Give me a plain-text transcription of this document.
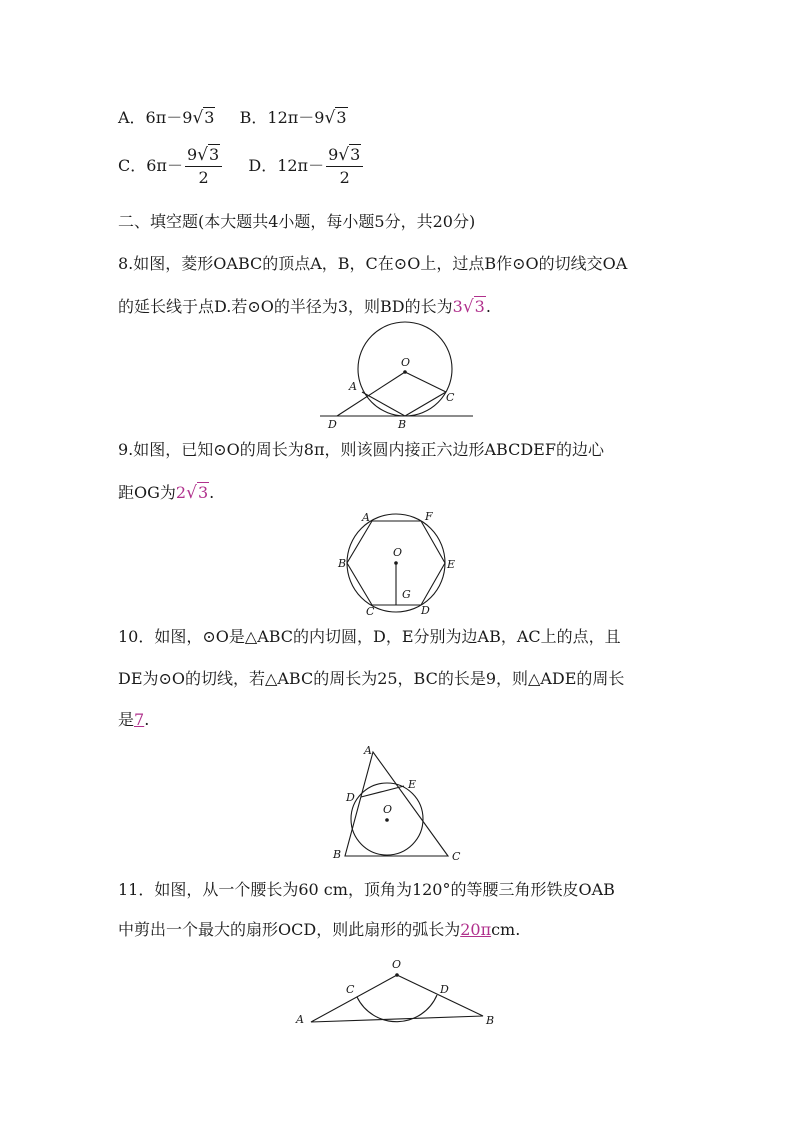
A．6π－9√3 B．12π－9√3
C．$6\pi- \frac{9√3}{2}$ D．$12\pi- \frac{9√3}{2}$
二、填空题(本大题共4小题，每小题5分，共20分)
8.如图，菱形OABC的顶点A，B，C在⊙O上，过点B作⊙O的切线交OA
的延长线于点D.若⊙O的半径为3，则BD的长为3√3.
O
A
C
D	B
9.如图，已知⊙O的周长为8π，则该圆内接正六边形ABCDEF的边心
距OG为2√3.
A	F
O
B	E
G
C	D
10．如图，⊙O是△ABC的内切圆，D，E分别为边AB，AC上的点，且
DE为⊙O的切线，若△ABC的周长为25，BC的长是9，则△ADE的周长
是7.
A
E
D
O
B	C
11．如图，从一个腰长为60 cm，顶角为120°的等腰三角形铁皮OAB
中剪出一个最大的扇形OCD，则此扇形的弧长为20πcm.
O
C	D
A	B
